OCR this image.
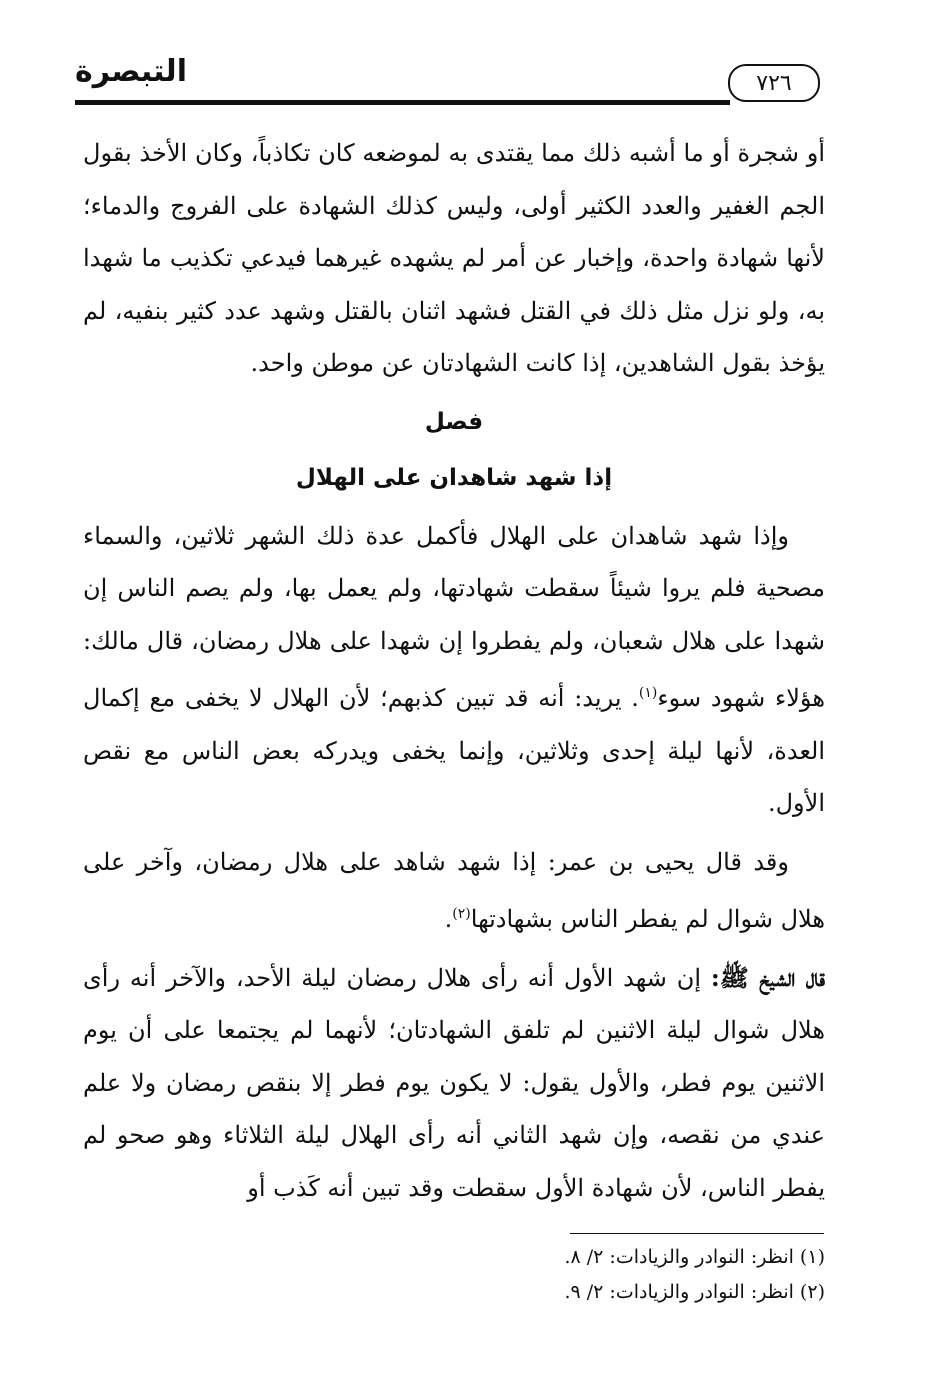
التبصرة	٧٢٦

أو شجرة أو ما أشبه ذلك مما يقتدى به لموضعه كان تكاذباً، وكان الأخذ بقول الجم الغفير والعدد الكثير أولى، وليس كذلك الشهادة على الفروج والدماء؛ لأنها شهادة واحدة، وإخبار عن أمر لم يشهده غيرهما فيدعي تكذيب ما شهدا به، ولو نزل مثل ذلك في القتل فشهد اثنان بالقتل وشهد عدد كثير بنفيه، لم يؤخذ بقول الشاهدين، إذا كانت الشهادتان عن موطن واحد.

فصل

إذا شهد شاهدان على الهلال

وإذا شهد شاهدان على الهلال فأكمل عدة ذلك الشهر ثلاثين، والسماء مصحية فلم يروا شيئاً سقطت شهادتها، ولم يعمل بها، ولم يصم الناس إن شهدا على هلال شعبان، ولم يفطروا إن شهدا على هلال رمضان، قال مالك: هؤلاء شهود سوء$^{(١)}$. يريد: أنه قد تبين كذبهم؛ لأن الهلال لا يخفى مع إكمال العدة، لأنها ليلة إحدى وثلاثين، وإنما يخفى ويدركه بعض الناس مع نقص الأول.

وقد قال يحيى بن عمر: إذا شهد شاهد على هلال رمضان، وآخر على هلال شوال لم يفطر الناس بشهادتها$^{(٢)}$.

قال الشيخ ﷺ: إن شهد الأول أنه رأى هلال رمضان ليلة الأحد، والآخر أنه رأى هلال شوال ليلة الاثنين لم تلفق الشهادتان؛ لأنهما لم يجتمعا على أن يوم الاثنين يوم فطر، والأول يقول: لا يكون يوم فطر إلا بنقص رمضان ولا علم عندي من نقصه، وإن شهد الثاني أنه رأى الهلال ليلة الثلاثاء وهو صحو لم يفطر الناس، لأن شهادة الأول سقطت وقد تبين أنه كَذب أو

(١) انظر: النوادر والزيادات: ٢/ ٨.

(٢) انظر: النوادر والزيادات: ٢/ ٩.
